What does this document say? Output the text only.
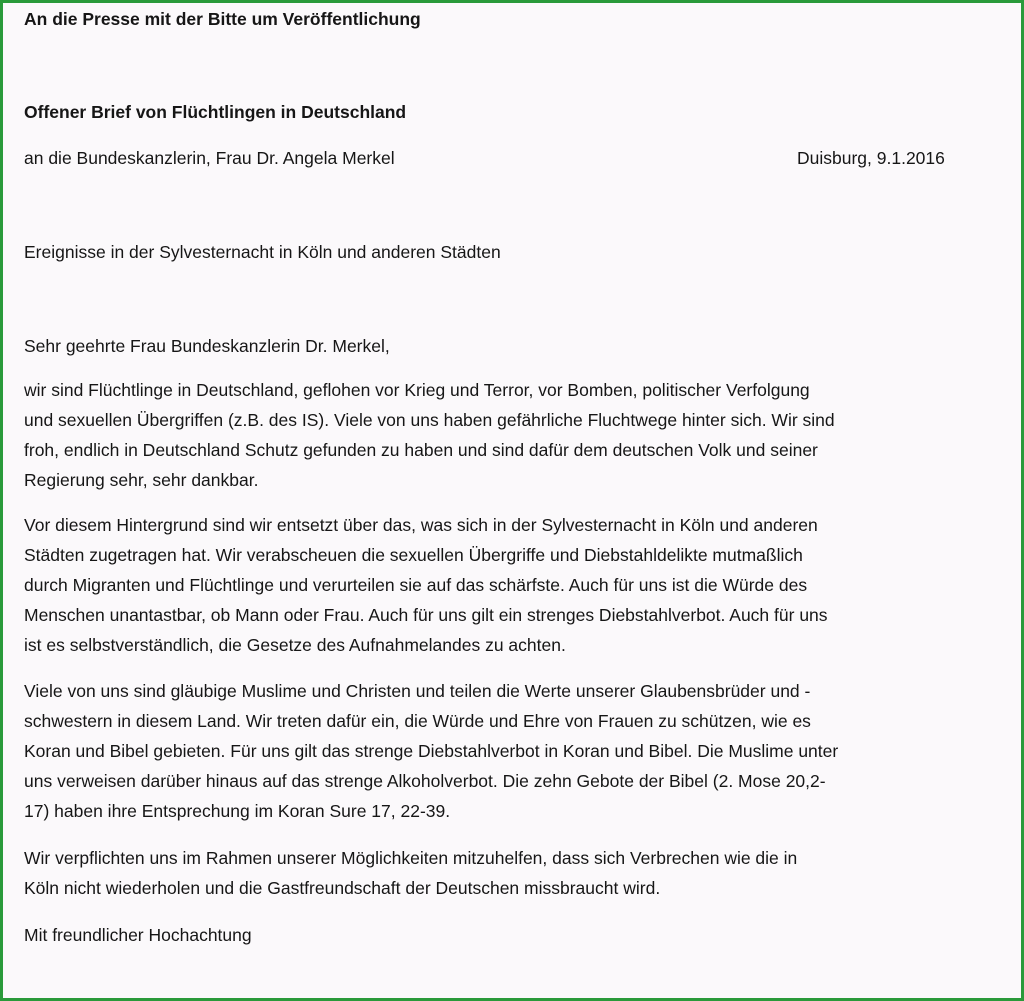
An die Presse mit der Bitte um Veröffentlichung
Offener Brief von Flüchtlingen in Deutschland
an die Bundeskanzlerin, Frau Dr. Angela Merkel	Duisburg, 9.1.2016
Ereignisse in der Sylvesternacht in Köln und anderen Städten
Sehr geehrte Frau Bundeskanzlerin Dr. Merkel,
wir sind Flüchtlinge in Deutschland, geflohen vor Krieg und Terror, vor Bomben, politischer Verfolgung
und sexuellen Übergriffen (z.B. des IS). Viele von uns haben gefährliche Fluchtwege hinter sich. Wir sind
froh, endlich in Deutschland Schutz gefunden zu haben und sind dafür dem deutschen Volk und seiner
Regierung sehr, sehr dankbar.
Vor diesem Hintergrund sind wir entsetzt über das, was sich in der Sylvesternacht in Köln und anderen
Städten zugetragen hat. Wir verabscheuen die sexuellen Übergriffe und Diebstahldelikte mutmaßlich
durch Migranten und Flüchtlinge und verurteilen sie auf das schärfste. Auch für uns ist die Würde des
Menschen unantastbar, ob Mann oder Frau. Auch für uns gilt ein strenges Diebstahlverbot. Auch für uns
ist es selbstverständlich, die Gesetze des Aufnahmelandes zu achten.
Viele von uns sind gläubige Muslime und Christen und teilen die Werte unserer Glaubensbrüder und -
schwestern in diesem Land. Wir treten dafür ein, die Würde und Ehre von Frauen zu schützen, wie es
Koran und Bibel gebieten. Für uns gilt das strenge Diebstahlverbot in Koran und Bibel. Die Muslime unter
uns verweisen darüber hinaus auf das strenge Alkoholverbot. Die zehn Gebote der Bibel (2. Mose 20,2-
17) haben ihre Entsprechung im Koran Sure 17, 22-39.
Wir verpflichten uns im Rahmen unserer Möglichkeiten mitzuhelfen, dass sich Verbrechen wie die in
Köln nicht wiederholen und die Gastfreundschaft der Deutschen missbraucht wird.
Mit freundlicher Hochachtung
